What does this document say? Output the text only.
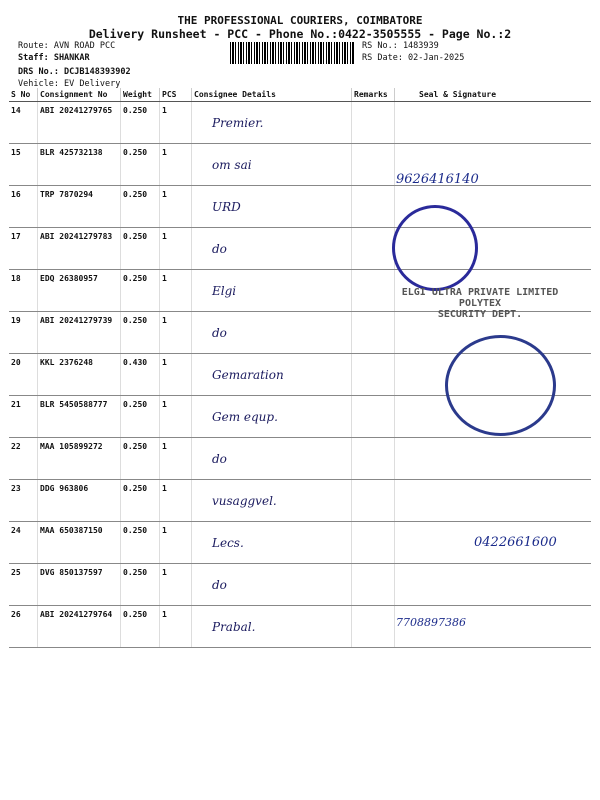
THE PROFESSIONAL COURIERS, COIMBATORE
Delivery Runsheet - PCC - Phone No.:0422-3505555 - Page No.:2
Route: AVN ROAD PCC
Staff: SHANKAR
DRS No.: DCJB148393902
Vehicle: EV Delivery
RS No.: 1483939
RS Date: 02-Jan-2025
S No	Consignment No	Weight	PCS	Consignee Details	Remarks	Seal & Signature
14	ABI 20241279765	0.250	1	Premier.		

15	BLR 425732138	0.250	1	om sai		

16	TRP 7870294	0.250	1	URD		

17	ABI 20241279783	0.250	1	do		

18	EDQ 26380957	0.250	1	Elgi		

19	ABI 20241279739	0.250	1	do		

20	KKL 2376248	0.430	1	Gemaration		

21	BLR 5450588777	0.250	1	Gem equp.		

22	MAA 105899272	0.250	1	do		

23	DDG 963806	0.250	1	vusaggvel.		

24	MAA 650387150	0.250	1	Lecs.		

25	DVG 850137597	0.250	1	do		

26	ABI 20241279764	0.250	1	Prabal.		

9626416140
ELGI ULTRA PRIVATE LIMITED
POLYTEX
SECURITY DEPT.
0422661600
7708897386
